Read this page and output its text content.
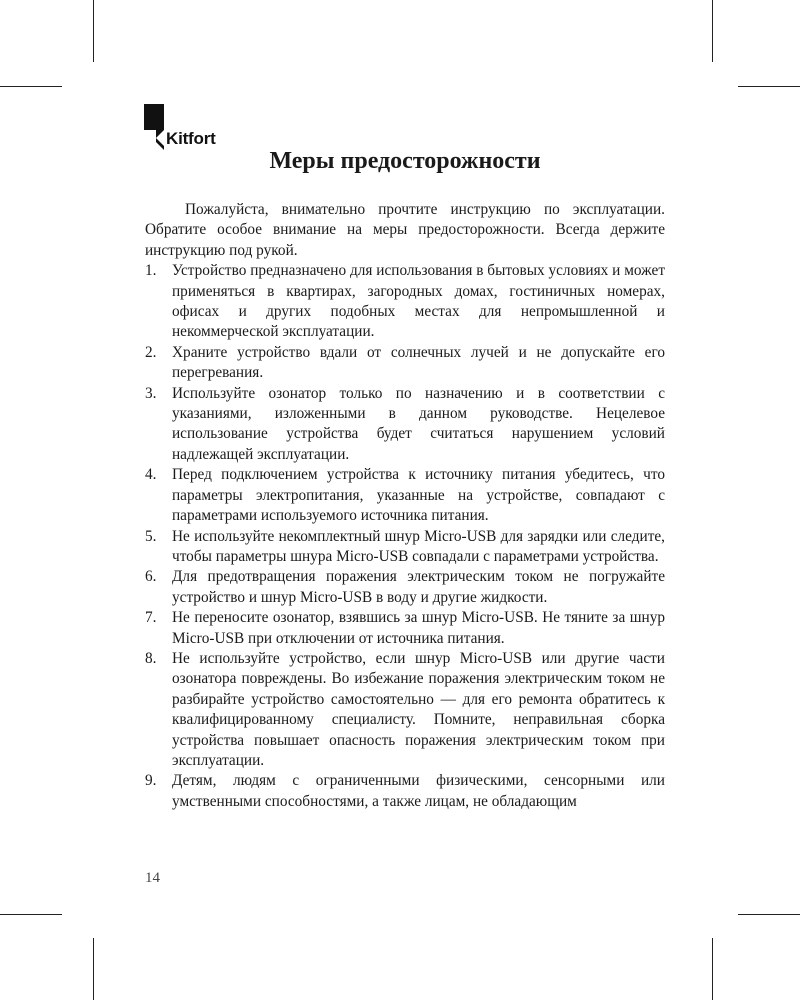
Kitfort
Меры предосторожности

Пожалуйста, внимательно прочтите инструкцию по эксплуатации. Обратите особое внимание на меры предосторожности. Всегда держите инструкцию под рукой.

1. Устройство предназначено для использования в бытовых условиях и может применяться в квартирах, загородных домах, гостиничных номерах, офисах и других подобных местах для непромышленной и некоммерческой эксплуатации.
2. Храните устройство вдали от солнечных лучей и не допускайте его перегревания.
3. Используйте озонатор только по назначению и в соответствии с указаниями, изложенными в данном руководстве. Нецелевое использование устройства будет считаться нарушением условий надлежащей эксплуатации.
4. Перед подключением устройства к источнику питания убедитесь, что параметры электропитания, указанные на устройстве, совпадают с параметрами используемого источника питания.
5. Не используйте некомплектный шнур Micro-USB для зарядки или следите, чтобы параметры шнура Micro-USB совпадали с параметрами устройства.
6. Для предотвращения поражения электрическим током не погружайте устройство и шнур Micro-USB в воду и другие жидкости.
7. Не переносите озонатор, взявшись за шнур Micro-USB. Не тяните за шнур Micro-USB при отключении от источника питания.
8. Не используйте устройство, если шнур Micro-USB или другие части озонатора повреждены. Во избежание поражения электрическим током не разбирайте устройство самостоятельно — для его ремонта обратитесь к квалифицированному специалисту. Помните, неправильная сборка устройства повышает опасность поражения электрическим током при эксплуатации.
9. Детям, людям с ограниченными физическими, сенсорными или умственными способностями, а также лицам, не обладающим
14
